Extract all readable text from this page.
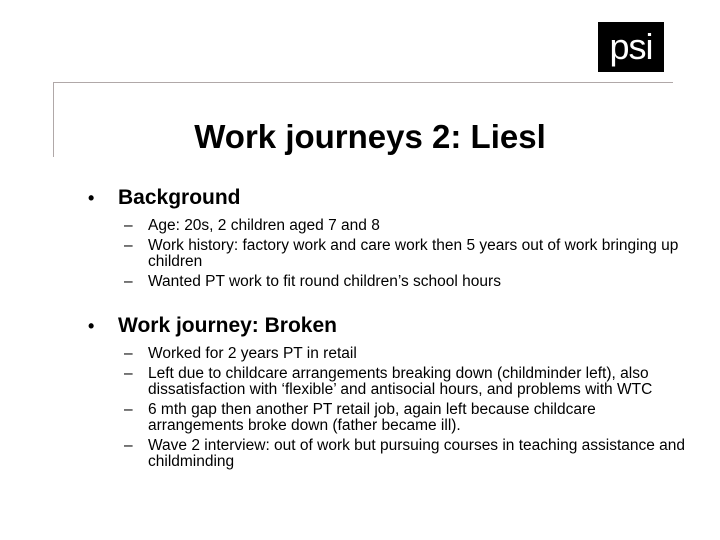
psi
Work journeys 2: Liesl
•	Background
– Age: 20s, 2 children aged 7 and 8
– Work history: factory work and care work then 5 years out of work bringing up children
– Wanted PT work to fit round children’s school hours
•	Work journey: Broken
– Worked for 2 years PT in retail
– Left due to childcare arrangements breaking down (childminder left), also dissatisfaction with ‘flexible’ and antisocial hours, and problems with WTC
– 6 mth gap then another PT retail job, again left because childcare arrangements broke down (father became ill).
– Wave 2 interview: out of work but pursuing courses in teaching assistance and childminding
